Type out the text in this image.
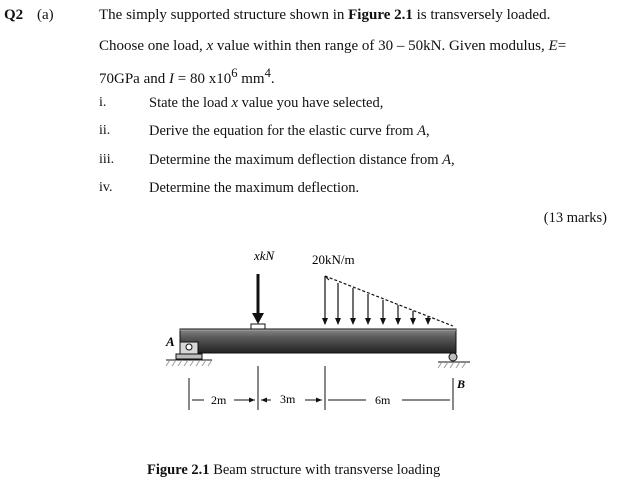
Q2 (a)	The simply supported structure shown in Figure 2.1 is transversely loaded.
Choose one load, x value within then range of 30 – 50kN. Given modulus, E=
70GPa and I = 80 $x10^6$ $mm^4$.
i.	State the load x value you have selected,
ii.	Derive the equation for the elastic curve from A,
iii. Determine the maximum deflection distance from A,
iv.	Determine the maximum deflection.
(13 marks)
xkN	20kN/m
A
B
2m	3m	6m
Figure 2.1 Beam structure with transverse loading
